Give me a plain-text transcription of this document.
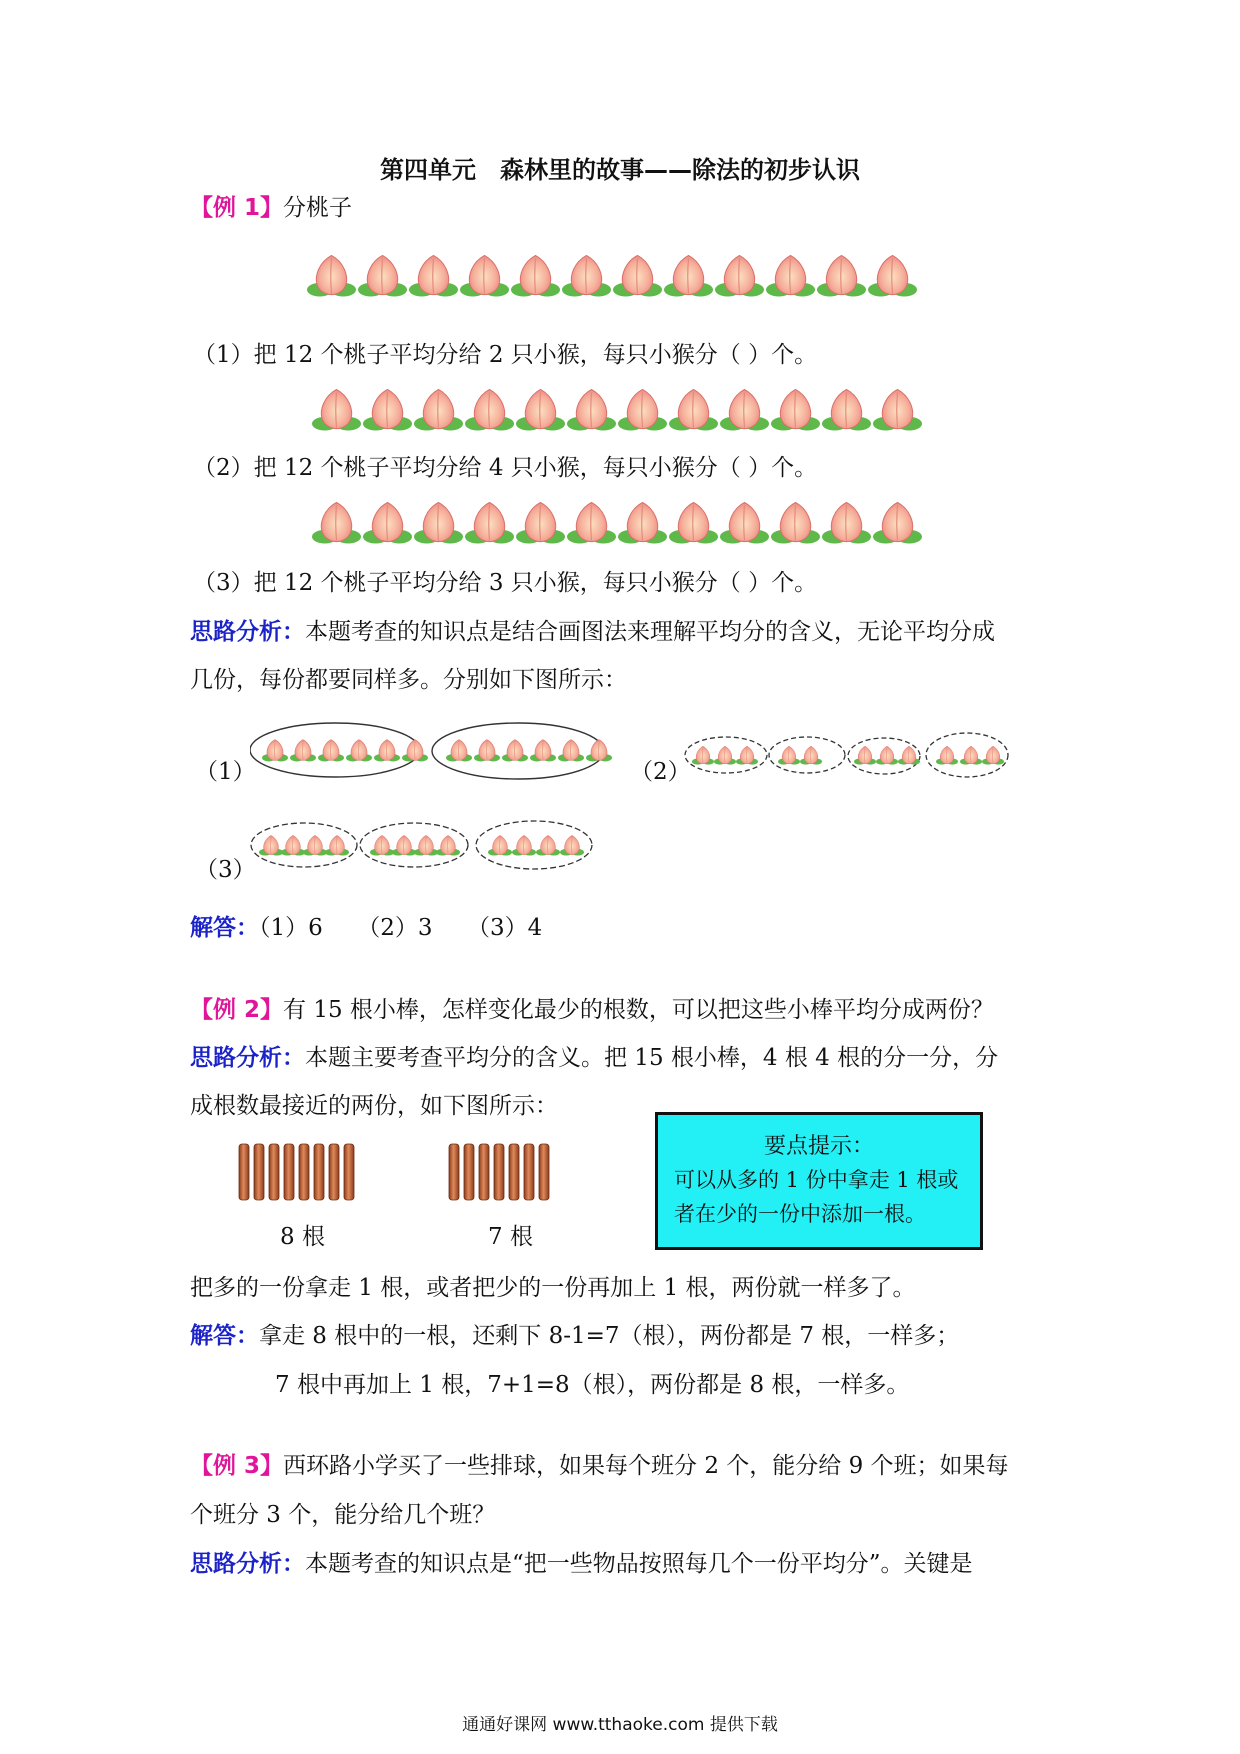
第四单元　森林里的故事——除法的初步认识
【例 1】分桃子
（1）把 12 个桃子平均分给 2 只小猴，每只小猴分（ ）个。
（2）把 12 个桃子平均分给 4 只小猴，每只小猴分（ ）个。
（3）把 12 个桃子平均分给 3 只小猴，每只小猴分（ ）个。
思路分析：本题考查的知识点是结合画图法来理解平均分的含义，无论平均分成
几份，每份都要同样多。分别如下图所示：
（1）	（2）
（3）
解答：（1）6　　（2）3　　（3）4
【例 2】有 15 根小棒，怎样变化最少的根数，可以把这些小棒平均分成两份？
思路分析：本题主要考查平均分的含义。把 15 根小棒，4 根 4 根的分一分，分
成根数最接近的两份，如下图所示：
8 根	7 根
要点提示：
可以从多的 1 份中拿走 1 根或者在少的一份中添加一根。
把多的一份拿走 1 根，或者把少的一份再加上 1 根，两份就一样多了。
解答：拿走 8 根中的一根，还剩下 8-1=7（根），两份都是 7 根，一样多；
7 根中再加上 1 根，7+1=8（根），两份都是 8 根，一样多。
【例 3】西环路小学买了一些排球，如果每个班分 2 个，能分给 9 个班；如果每
个班分 3 个，能分给几个班？
思路分析：本题考查的知识点是“把一些物品按照每几个一份平均分”。关键是
通通好课网 www.tthaoke.com 提供下载
